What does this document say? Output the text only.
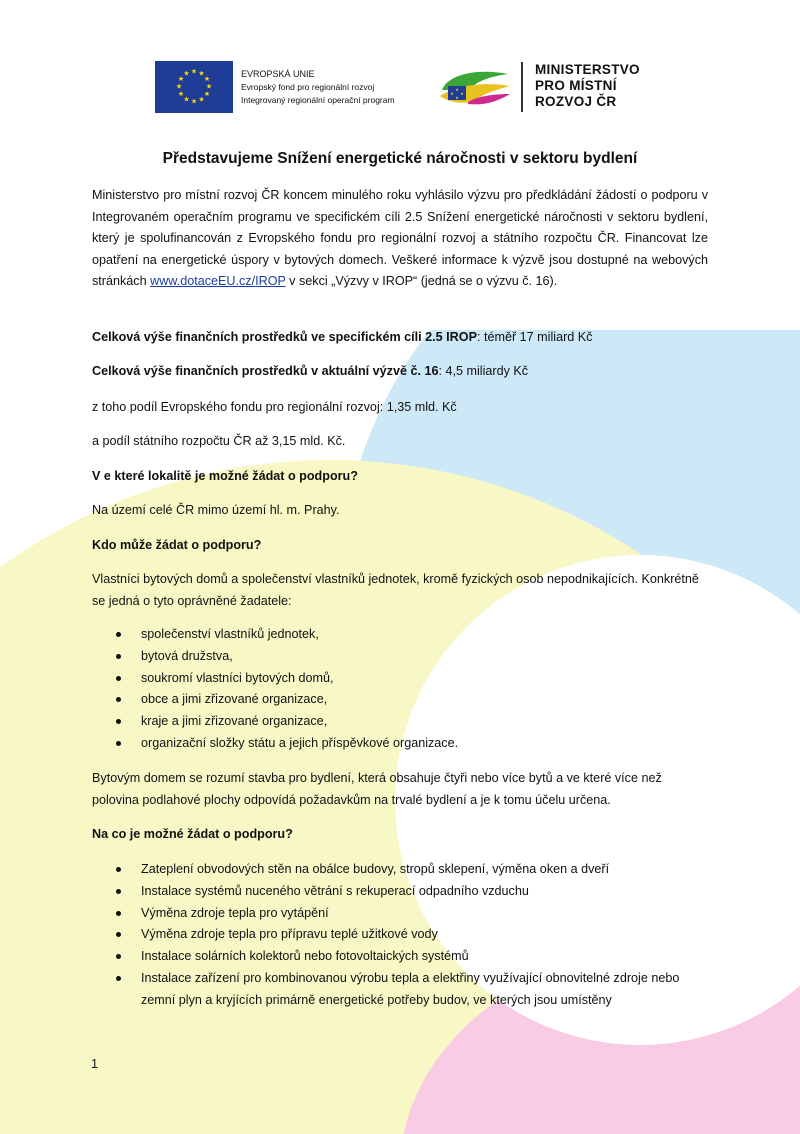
★ ★
★
★
★
★
★
★
★
★
★
★	EVROPSKÁ UNIE
Evropský fond pro regionální rozvoj
Integrovaný regionální operační program
★
★ ★
★
MINISTERSTVO
PRO MÍSTNÍ
ROZVOJ ČR
Představujeme Snížení energetické náročnosti v sektoru bydlení
Ministerstvo pro místní rozvoj ČR koncem minulého roku vyhlásilo výzvu pro předkládání žádostí o podporu v Integrovaném operačním programu ve specifickém cíli 2.5 Snížení energetické náročnosti v sektoru bydlení, který je spolufinancován z Evropského fondu pro regionální rozvoj a státního rozpočtu ČR. Financovat lze opatření na energetické úspory v bytových domech. Veškeré informace k výzvě jsou dostupné na webových stránkách www.dotaceEU.cz/IROP v sekci „Výzvy v IROP“ (jedná se o výzvu č. 16).
Celková výše finančních prostředků ve specifickém cíli 2.5 IROP: téměř 17 miliard Kč
Celková výše finančních prostředků v aktuální výzvě č. 16: 4,5 miliardy Kč
z toho podíl Evropského fondu pro regionální rozvoj: 1,35 mld. Kč
a podíl státního rozpočtu ČR až 3,15 mld. Kč.
V e které lokalitě je možné žádat o podporu?
Na území celé ČR mimo území hl. m. Prahy.
Kdo může žádat o podporu?
Vlastníci bytových domů a společenství vlastníků jednotek, kromě fyzických osob nepodnikajících. Konkrétně se jedná o tyto oprávněné žadatele:
společenství vlastníků jednotek,
bytová družstva,
soukromí vlastníci bytových domů,
obce a jimi zřizované organizace,
kraje a jimi zřizované organizace,
organizační složky státu a jejich příspěvkové organizace.
Bytovým domem se rozumí stavba pro bydlení, která obsahuje čtyři nebo více bytů a ve které více než polovina podlahové plochy odpovídá požadavkům na trvalé bydlení a je k tomu účelu určena.
Na co je možné žádat o podporu?
Zateplení obvodových stěn na obálce budovy, stropů sklepení, výměna oken a dveří
Instalace systémů nuceného větrání s rekuperací odpadního vzduchu
Výměna zdroje tepla pro vytápění
Výměna zdroje tepla pro přípravu teplé užitkové vody
Instalace solárních kolektorů nebo fotovoltaických systémů
Instalace zařízení pro kombinovanou výrobu tepla a elektřiny využívající obnovitelné zdroje nebo zemní plyn a kryjících primárně energetické potřeby budov, ve kterých jsou umístěny
1
